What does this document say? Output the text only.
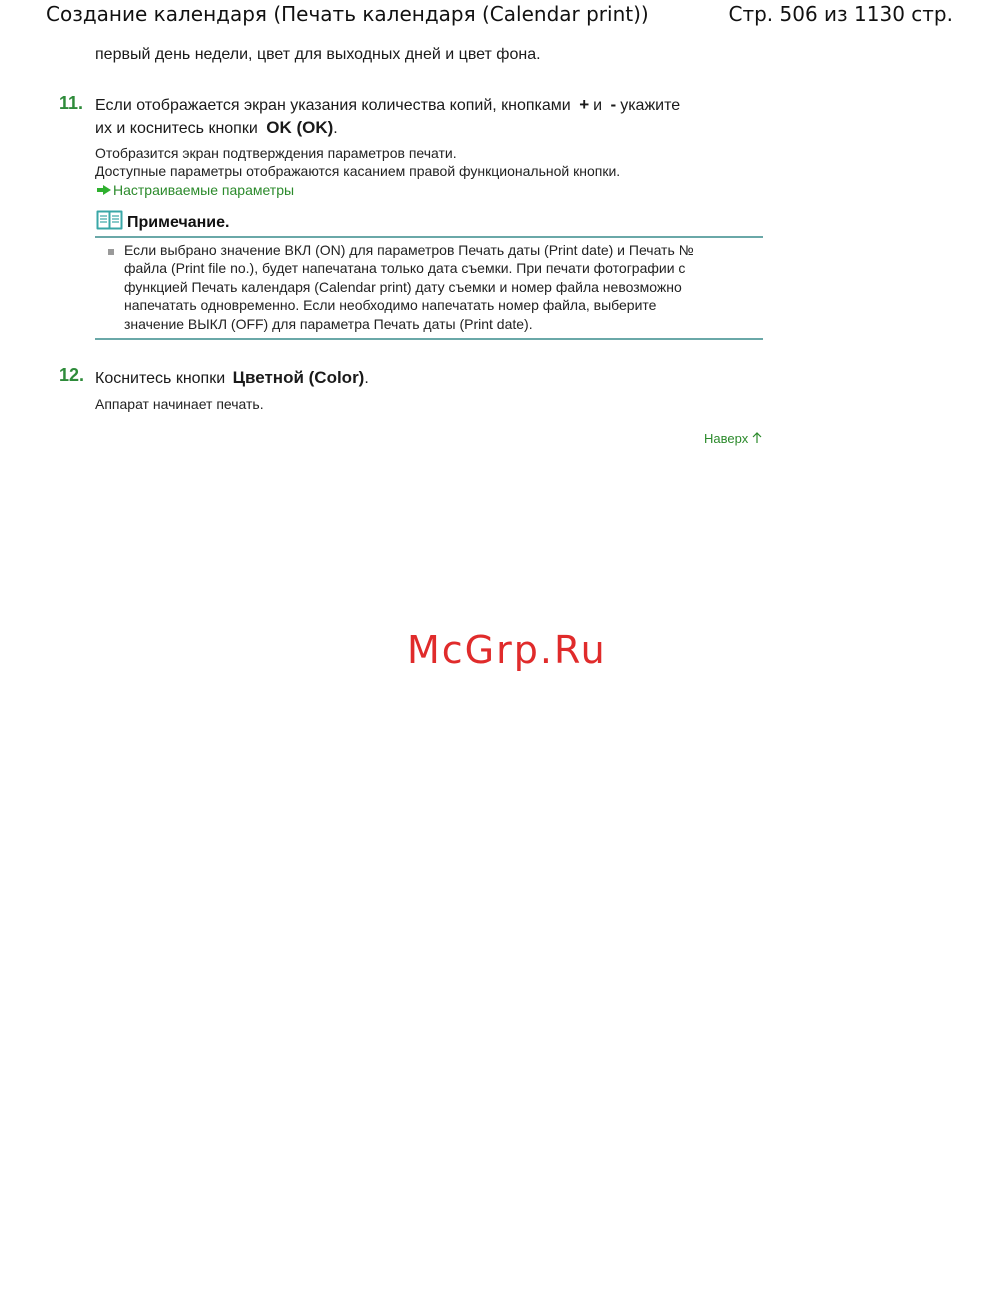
Создание календаря (Печать календаря (Calendar print))	Стр. 506 из 1130 стр.
первый день недели, цвет для выходных дней и цвет фона.
11. Если отображается экран указания количества копий, кнопками + и - укажите
их и коснитесь кнопки OK (OK).
Отобразится экран подтверждения параметров печати.
Доступные параметры отображаются касанием правой функциональной кнопки.
Настраиваемые параметры
Примечание.
Если выбрано значение ВКЛ (ON) для параметров Печать даты (Print date) и Печать №
файла (Print file no.), будет напечатана только дата съемки. При печати фотографии с
функцией Печать календаря (Calendar print) дату съемки и номер файла невозможно
напечатать одновременно. Если необходимо напечатать номер файла, выберите
значение ВЫКЛ (OFF) для параметра Печать даты (Print date).
12. Коснитесь кнопки Цветной (Color).
Аппарат начинает печать.
Наверх
McGrp.Ru
